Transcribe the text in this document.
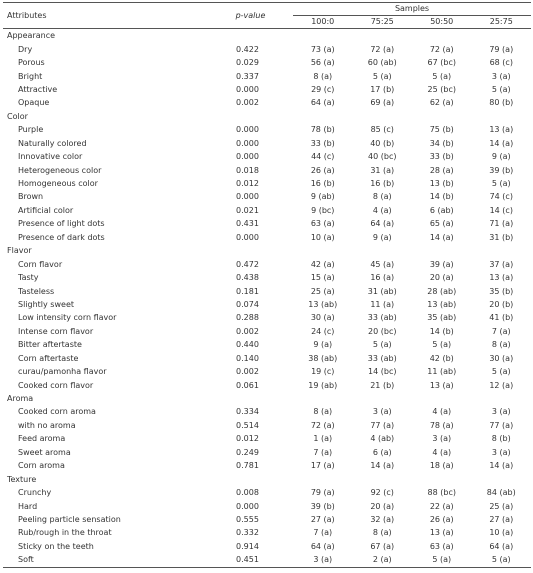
Attributes	p-value	Samples			
		100:0	75:25	50:50	25:75
Appearance					
Dry	0.422	73 (a)	72 (a)	72 (a)	79 (a)
Porous	0.029	56 (a)	60 (ab)	67 (bc)	68 (c)
Bright	0.337	8 (a)	5 (a)	5 (a)	3 (a)
Attractive	0.000	29 (c)	17 (b)	25 (bc)	5 (a)
Opaque	0.002	64 (a)	69 (a)	62 (a)	80 (b)
Color					
Purple	0.000	78 (b)	85 (c)	75 (b)	13 (a)
Naturally colored	0.000	33 (b)	40 (b)	34 (b)	14 (a)
Innovative color	0.000	44 (c)	40 (bc)	33 (b)	9 (a)
Heterogeneous color	0.018	26 (a)	31 (a)	28 (a)	39 (b)
Homogeneous color	0.012	16 (b)	16 (b)	13 (b)	5 (a)
Brown	0.000	9 (ab)	8 (a)	14 (b)	74 (c)
Artificial color	0.021	9 (bc)	4 (a)	6 (ab)	14 (c)
Presence of light dots	0.431	63 (a)	64 (a)	65 (a)	71 (a)
Presence of dark dots	0.000	10 (a)	9 (a)	14 (a)	31 (b)
Flavor					
Corn flavor	0.472	42 (a)	45 (a)	39 (a)	37 (a)
Tasty	0.438	15 (a)	16 (a)	20 (a)	13 (a)
Tasteless	0.181	25 (a)	31 (ab)	28 (ab)	35 (b)
Slightly sweet	0.074	13 (ab)	11 (a)	13 (ab)	20 (b)
Low intensity corn flavor	0.288	30 (a)	33 (ab)	35 (ab)	41 (b)
Intense corn flavor	0.002	24 (c)	20 (bc)	14 (b)	7 (a)
Bitter aftertaste	0.440	9 (a)	5 (a)	5 (a)	8 (a)
Corn aftertaste	0.140	38 (ab)	33 (ab)	42 (b)	30 (a)
curau/pamonha flavor	0.002	19 (c)	14 (bc)	11 (ab)	5 (a)
Cooked corn flavor	0.061	19 (ab)	21 (b)	13 (a)	12 (a)
Aroma					
Cooked corn aroma	0.334	8 (a)	3 (a)	4 (a)	3 (a)
with no aroma	0.514	72 (a)	77 (a)	78 (a)	77 (a)
Feed aroma	0.012	1 (a)	4 (ab)	3 (a)	8 (b)
Sweet aroma	0.249	7 (a)	6 (a)	4 (a)	3 (a)
Corn aroma	0.781	17 (a)	14 (a)	18 (a)	14 (a)
Texture					
Crunchy	0.008	79 (a)	92 (c)	88 (bc)	84 (ab)
Hard	0.000	39 (b)	20 (a)	22 (a)	25 (a)
Peeling particle sensation	0.555	27 (a)	32 (a)	26 (a)	27 (a)
Rub/rough in the throat	0.332	7 (a)	8 (a)	13 (a)	10 (a)
Sticky on the teeth	0.914	64 (a)	67 (a)	63 (a)	64 (a)
Soft	0.451	3 (a)	2 (a)	5 (a)	5 (a)
